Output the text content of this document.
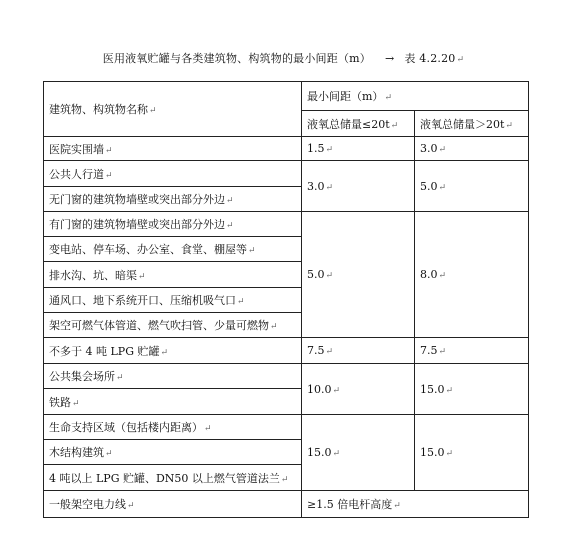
医用液氧贮罐与各类建筑物、构筑物的最小间距（m） → 表 4.2.20↵
建筑物、构筑物名称↵	最小间距（m）↵	
	液氧总储量≤20t↵	液氧总储量＞20t↵
医院实围墙↵	1.5↵	3.0↵
公共人行道↵	3.0↵	5.0↵
无门窗的建筑物墙壁或突出部分外边↵		
有门窗的建筑物墙壁或突出部分外边↵	5.0↵	8.0↵
变电站、停车场、办公室、食堂、棚屋等↵		
排水沟、坑、暗渠↵		
通风口、地下系统开口、压缩机吸气口↵		
架空可燃气体管道、燃气吹扫管、少量可燃物↵		
不多于 4 吨 LPG 贮罐↵	7.5↵	7.5↵
公共集会场所↵	10.0↵	15.0↵
铁路↵		
生命支持区域（包括楼内距离）↵	15.0↵	15.0↵
木结构建筑↵		
4 吨以上 LPG 贮罐、DN50 以上燃气管道法兰↵		
一般架空电力线↵	≥1.5 倍电杆高度↵	
